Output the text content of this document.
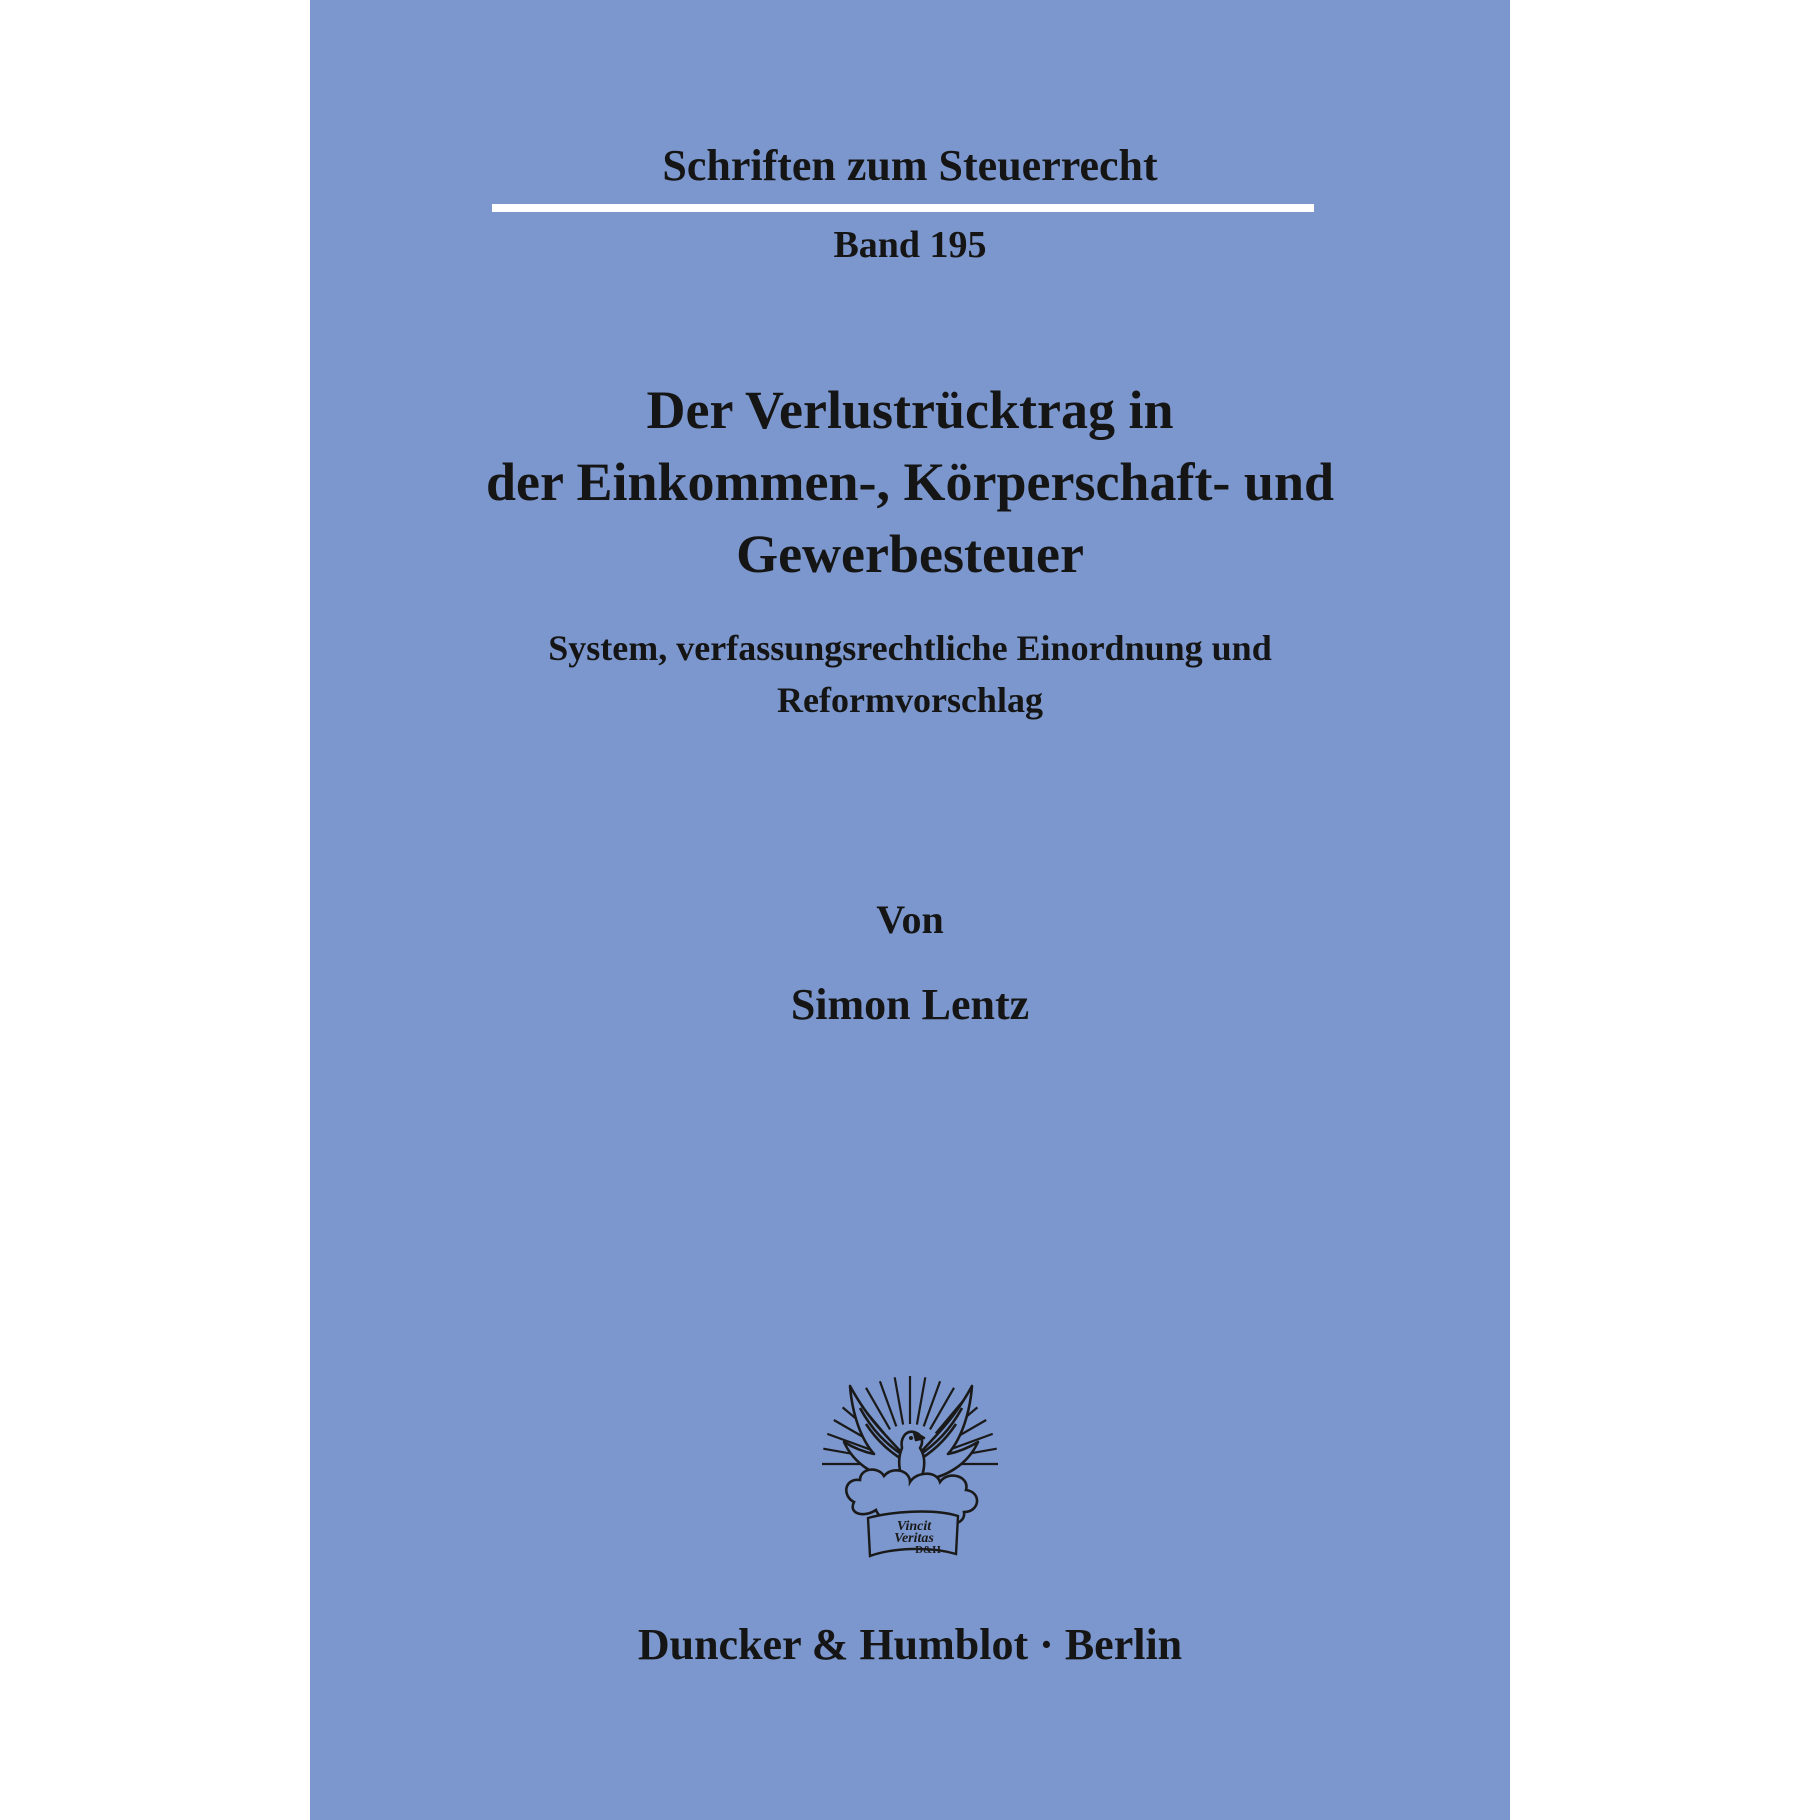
Schriften zum Steuerrecht
Band 195
Der Verlustrücktrag in
der Einkommen-, Körperschaft- und
Gewerbesteuer
System, verfassungsrechtliche Einordnung und
Reformvorschlag
Von
Simon Lentz
Vincit
Veritas
D&H
Duncker & Humblot · Berlin
